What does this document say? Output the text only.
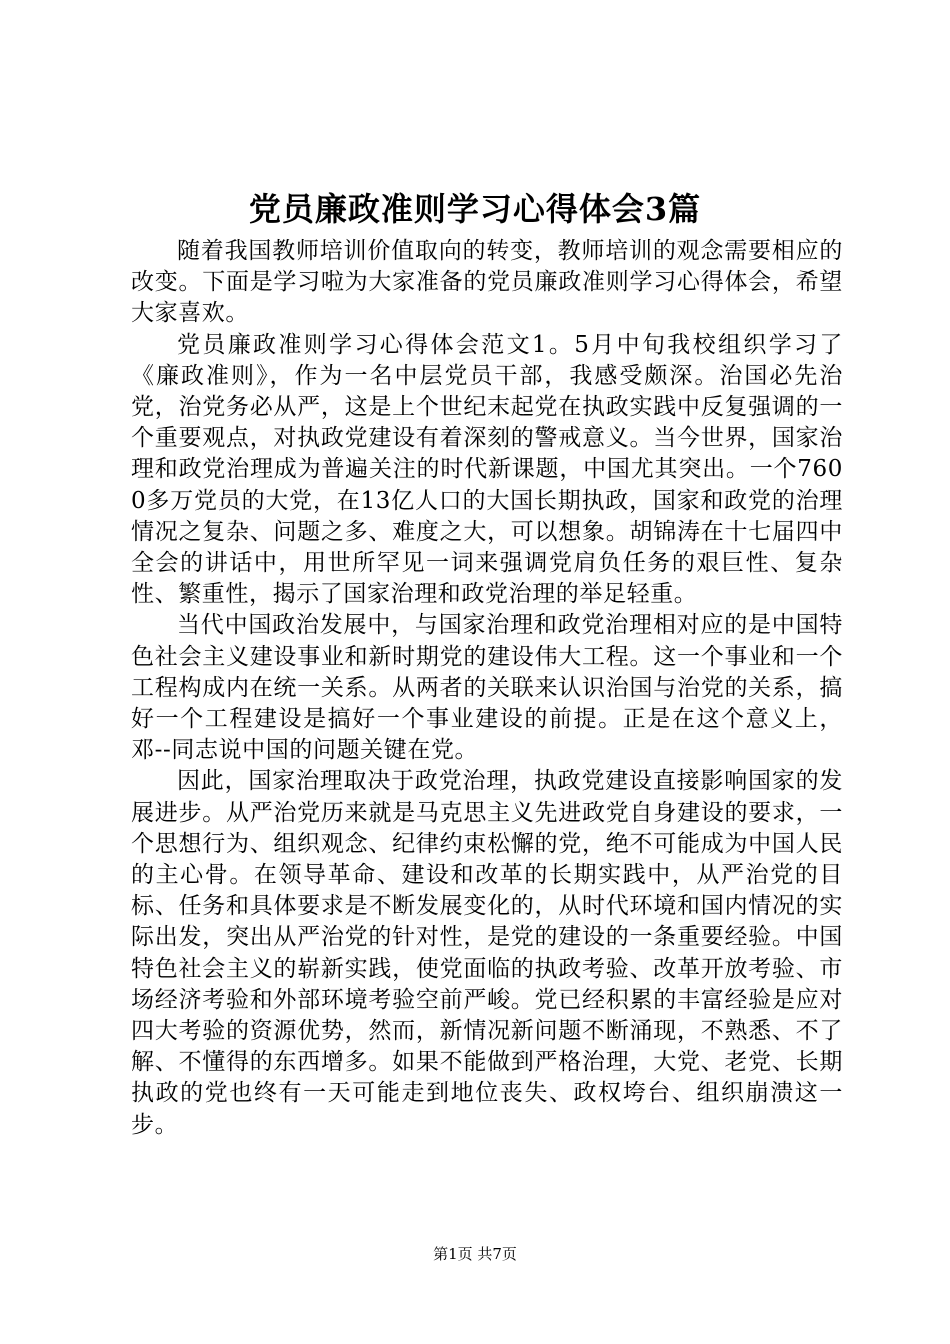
党员廉政准则学习心得体会3篇

随着我国教师培训价值取向的转变，教师培训的观念需要相应的改变。下面是学习啦为大家准备的党员廉政准则学习心得体会，希望大家喜欢。

党员廉政准则学习心得体会范文1。5月中旬我校组织学习了《廉政准则》，作为一名中层党员干部，我感受颇深。治国必先治党，治党务必从严，这是上个世纪末起党在执政实践中反复强调的一个重要观点，对执政党建设有着深刻的警戒意义。当今世界，国家治理和政党治理成为普遍关注的时代新课题，中国尤其突出。一个7600多万党员的大党，在13亿人口的大国长期执政，国家和政党的治理情况之复杂、问题之多、难度之大，可以想象。胡锦涛在十七届四中全会的讲话中，用世所罕见一词来强调党肩负任务的艰巨性、复杂性、繁重性，揭示了国家治理和政党治理的举足轻重。

当代中国政治发展中，与国家治理和政党治理相对应的是中国特色社会主义建设事业和新时期党的建设伟大工程。这一个事业和一个工程构成内在统一关系。从两者的关联来认识治国与治党的关系，搞好一个工程建设是搞好一个事业建设的前提。正是在这个意义上，邓--同志说中国的问题关键在党。

因此，国家治理取决于政党治理，执政党建设直接影响国家的发展进步。从严治党历来就是马克思主义先进政党自身建设的要求，一个思想行为、组织观念、纪律约束松懈的党，绝不可能成为中国人民的主心骨。在领导革命、建设和改革的长期实践中，从严治党的目标、任务和具体要求是不断发展变化的，从时代环境和国内情况的实际出发，突出从严治党的针对性，是党的建设的一条重要经验。中国特色社会主义的崭新实践，使党面临的执政考验、改革开放考验、市场经济考验和外部环境考验空前严峻。党已经积累的丰富经验是应对四大考验的资源优势，然而，新情况新问题不断涌现，不熟悉、不了解、不懂得的东西增多。如果不能做到严格治理，大党、老党、长期执政的党也终有一天可能走到地位丧失、政权垮台、组织崩溃这一步。

第1页 共7页
